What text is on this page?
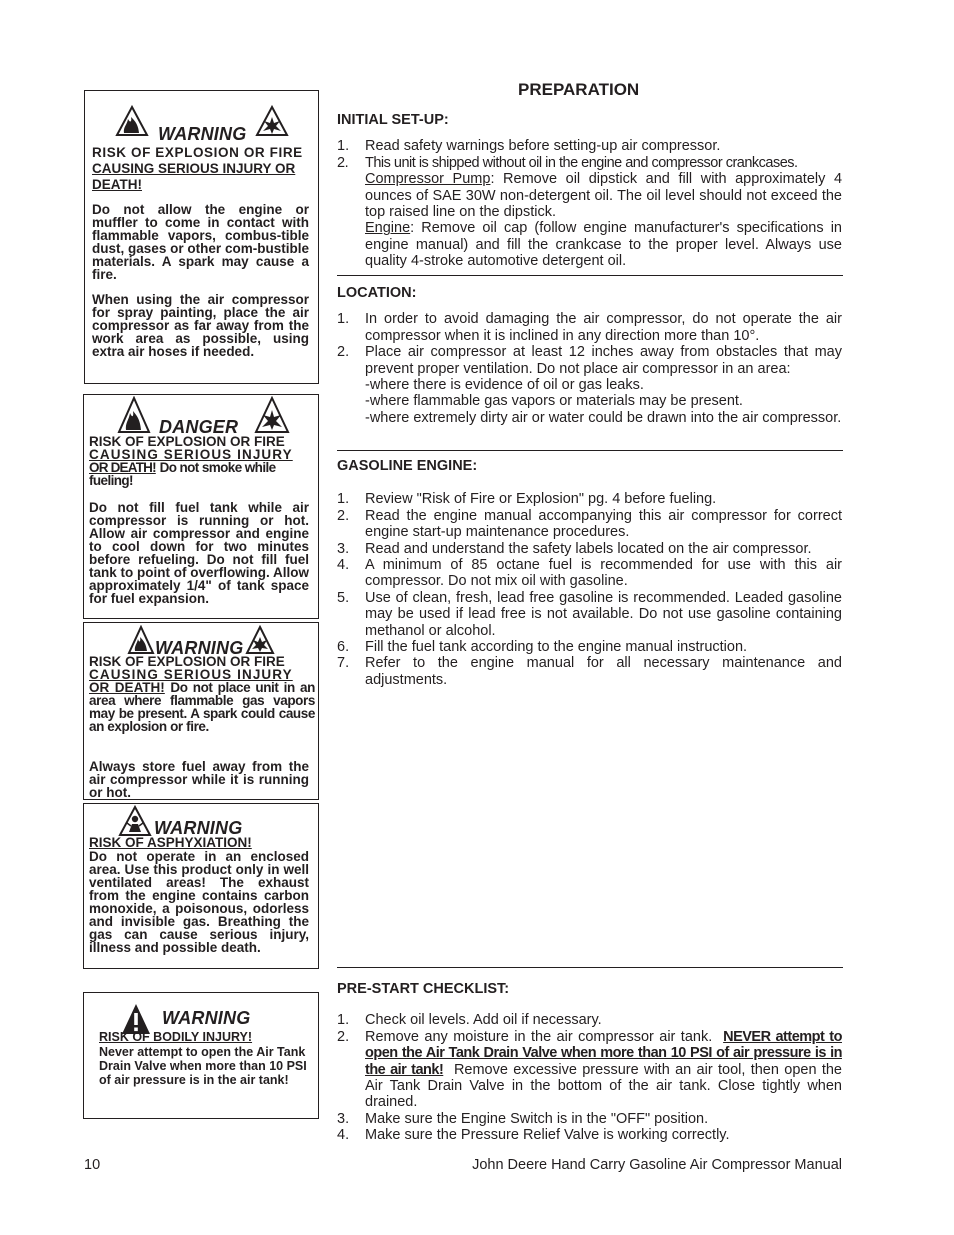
WARNING
RISK OF EXPLOSION OR FIRE
CAUSING SERIOUS INJURY OR
DEATH!
Do not allow the engine or muffler to come in contact with flammable vapors, combus-tible dust, gases or other com-bustible materials. A spark may cause a fire.
When using the air compressor for spray painting, place the air compressor as far away from the work area as possible, using extra air hoses if needed.
DANGER
RISK OF EXPLOSION OR FIRE
CAUSING SERIOUS INJURY
OR DEATH! Do not smoke while fueling!
Do not fill fuel tank while air compressor is running or hot. Allow air compressor and engine to cool down for two minutes before refueling. Do not fill fuel tank to point of overflowing. Allow approximately 1/4" of tank space for fuel expansion.
WARNING
RISK OF EXPLOSION OR FIRE
CAUSING SERIOUS INJURY
OR DEATH! Do not place unit in an area where flammable gas vapors may be present. A spark could cause an explosion or fire.
Always store fuel away from the air compressor while it is running or hot.
WARNING
RISK OF ASPHYXIATION!
Do not operate in an enclosed area. Use this product only in well ventilated areas! The exhaust from the engine contains carbon monoxide, a poisonous, odorless and invisible gas. Breathing the gas can cause serious injury, illness and possible death.
WARNING
RISK OF BODILY INJURY!
Never attempt to open the Air Tank Drain Valve when more than 10 PSI of air pressure is in the air tank!
PREPARATION
INITIAL SET-UP:
1. Read safety warnings before setting-up air compressor.
2. This unit is shipped without oil in the engine and compressor crankcases.
Compressor Pump: Remove oil dipstick and fill with approximately 4 ounces of SAE 30W non-detergent oil. The oil level should not exceed the top raised line on the dipstick.
Engine: Remove oil cap (follow engine manufacturer's specifications in engine manual) and fill the crankcase to the proper level. Always use quality 4-stroke automotive detergent oil.
LOCATION:
1. In order to avoid damaging the air compressor, do not operate the air compressor when it is inclined in any direction more than 10°.
2. Place air compressor at least 12 inches away from obstacles that may prevent proper ventilation. Do not place air compressor in an area:
-where there is evidence of oil or gas leaks.
-where flammable gas vapors or materials may be present.
-where extremely dirty air or water could be drawn into the air compressor.
GASOLINE ENGINE:
1. Review "Risk of Fire or Explosion" pg. 4 before fueling.
2. Read the engine manual accompanying this air compressor for correct engine start-up maintenance procedures.
3. Read and understand the safety labels located on the air compressor.
4. A minimum of 85 octane fuel is recommended for use with this air compressor. Do not mix oil with gasoline.
5. Use of clean, fresh, lead free gasoline is recommended. Leaded gasoline may be used if lead free is not available. Do not use gasoline containing methanol or alcohol.
6. Fill the fuel tank according to the engine manual instruction.
7. Refer to the engine manual for all necessary maintenance and adjustments.
PRE-START CHECKLIST:
1. Check oil levels. Add oil if necessary.
2. Remove any moisture in the air compressor air tank. NEVER attempt to open the Air Tank Drain Valve when more than 10 PSI of air pressure is in the air tank! Remove excessive pressure with an air tool, then open the Air Tank Drain Valve in the bottom of the air tank. Close tightly when drained.
3. Make sure the Engine Switch is in the "OFF" position.
4. Make sure the Pressure Relief Valve is working correctly.
10	John Deere Hand Carry Gasoline Air Compressor Manual
